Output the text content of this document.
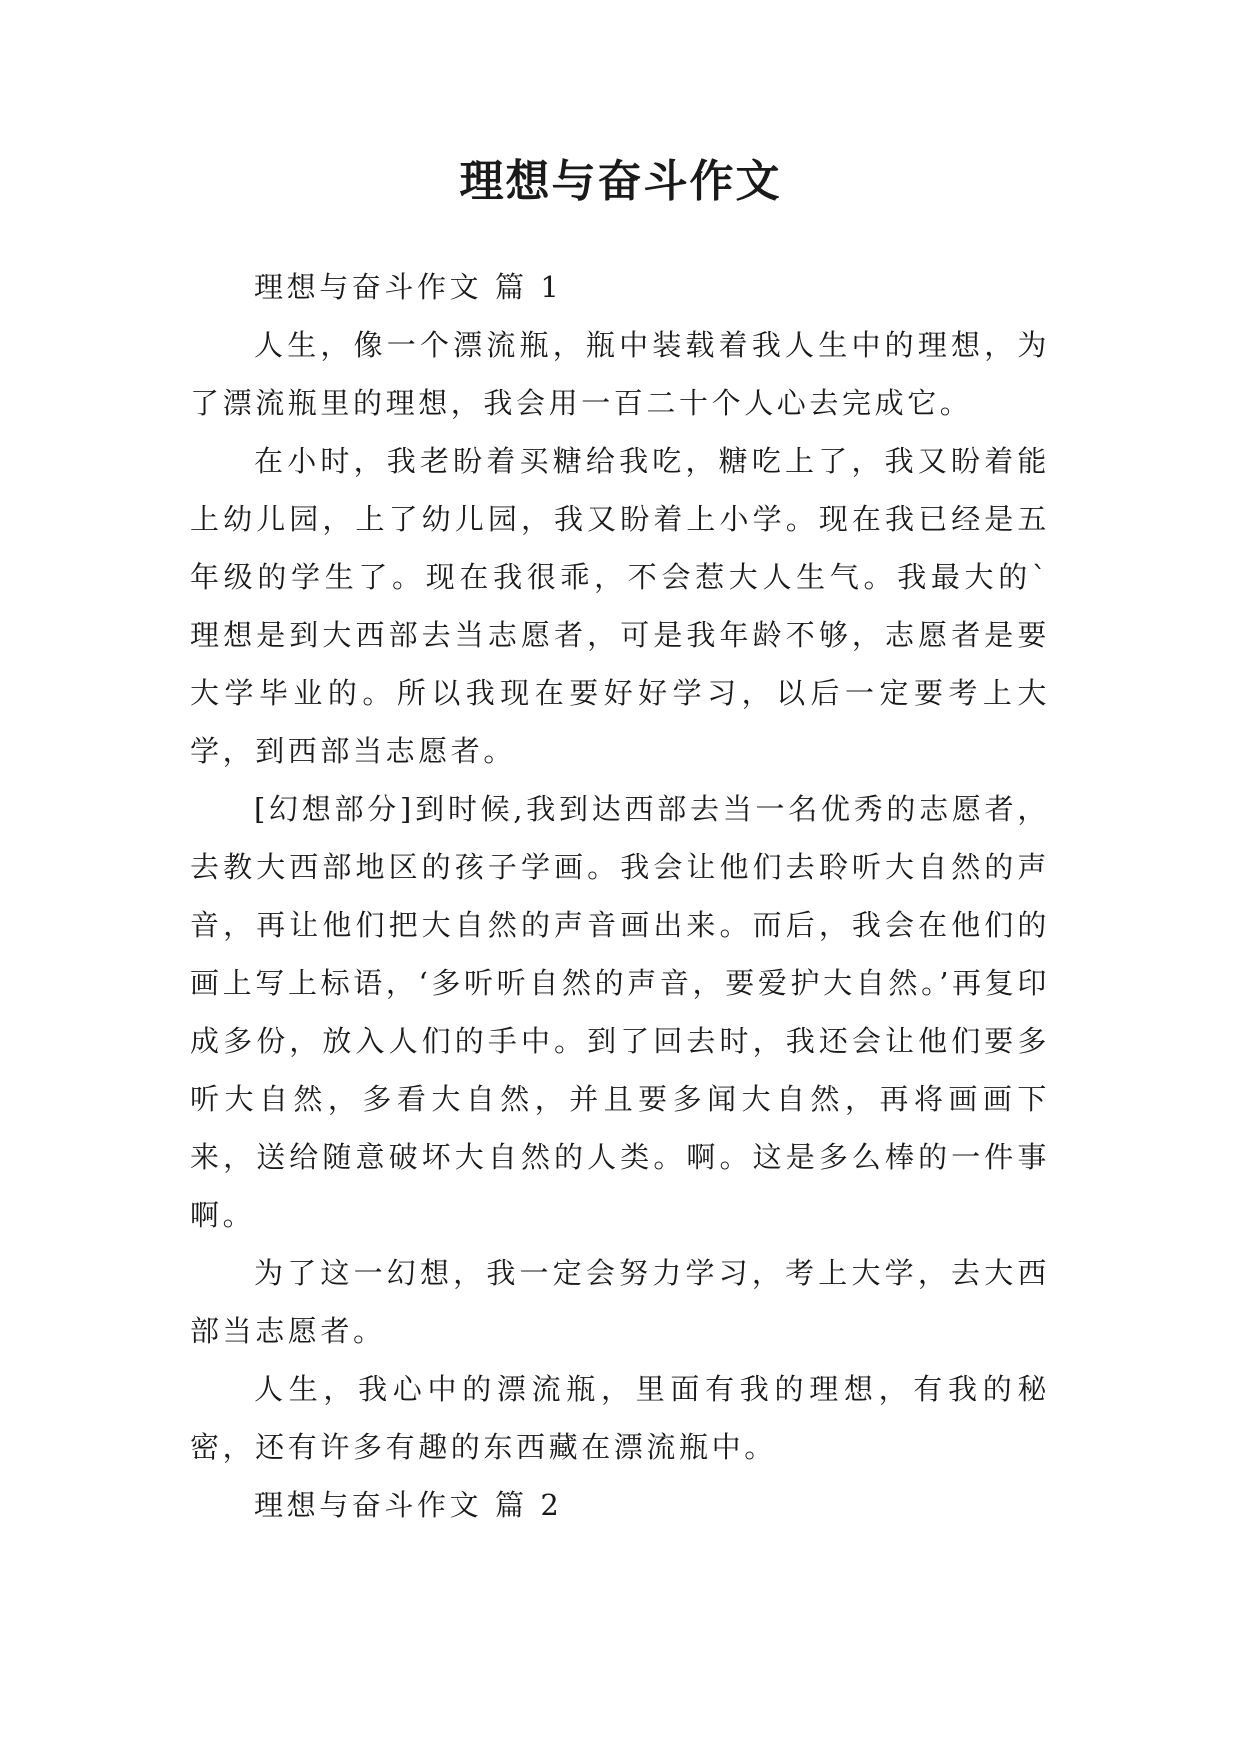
理想与奋斗作文

理想与奋斗作文 篇 1

人生，像一个漂流瓶，瓶中装载着我人生中的理想，为了漂流瓶里的理想，我会用一百二十个人心去完成它。

在小时，我老盼着买糖给我吃，糖吃上了，我又盼着能上幼儿园，上了幼儿园，我又盼着上小学。现在我已经是五年级的学生了。现在我很乖，不会惹大人生气。我最大的`理想是到大西部去当志愿者，可是我年龄不够，志愿者是要大学毕业的。所以我现在要好好学习，以后一定要考上大学，到西部当志愿者。

[幻想部分]到时候,我到达西部去当一名优秀的志愿者，去教大西部地区的孩子学画。我会让他们去聆听大自然的声音，再让他们把大自然的声音画出来。而后，我会在他们的画上写上标语，‘多听听自然的声音，要爱护大自然。’再复印成多份，放入人们的手中。到了回去时，我还会让他们要多听大自然，多看大自然，并且要多闻大自然，再将画画下来，送给随意破坏大自然的人类。啊。这是多么棒的一件事啊。

为了这一幻想，我一定会努力学习，考上大学，去大西部当志愿者。

人生，我心中的漂流瓶，里面有我的理想，有我的秘密，还有许多有趣的东西藏在漂流瓶中。

理想与奋斗作文 篇 2
